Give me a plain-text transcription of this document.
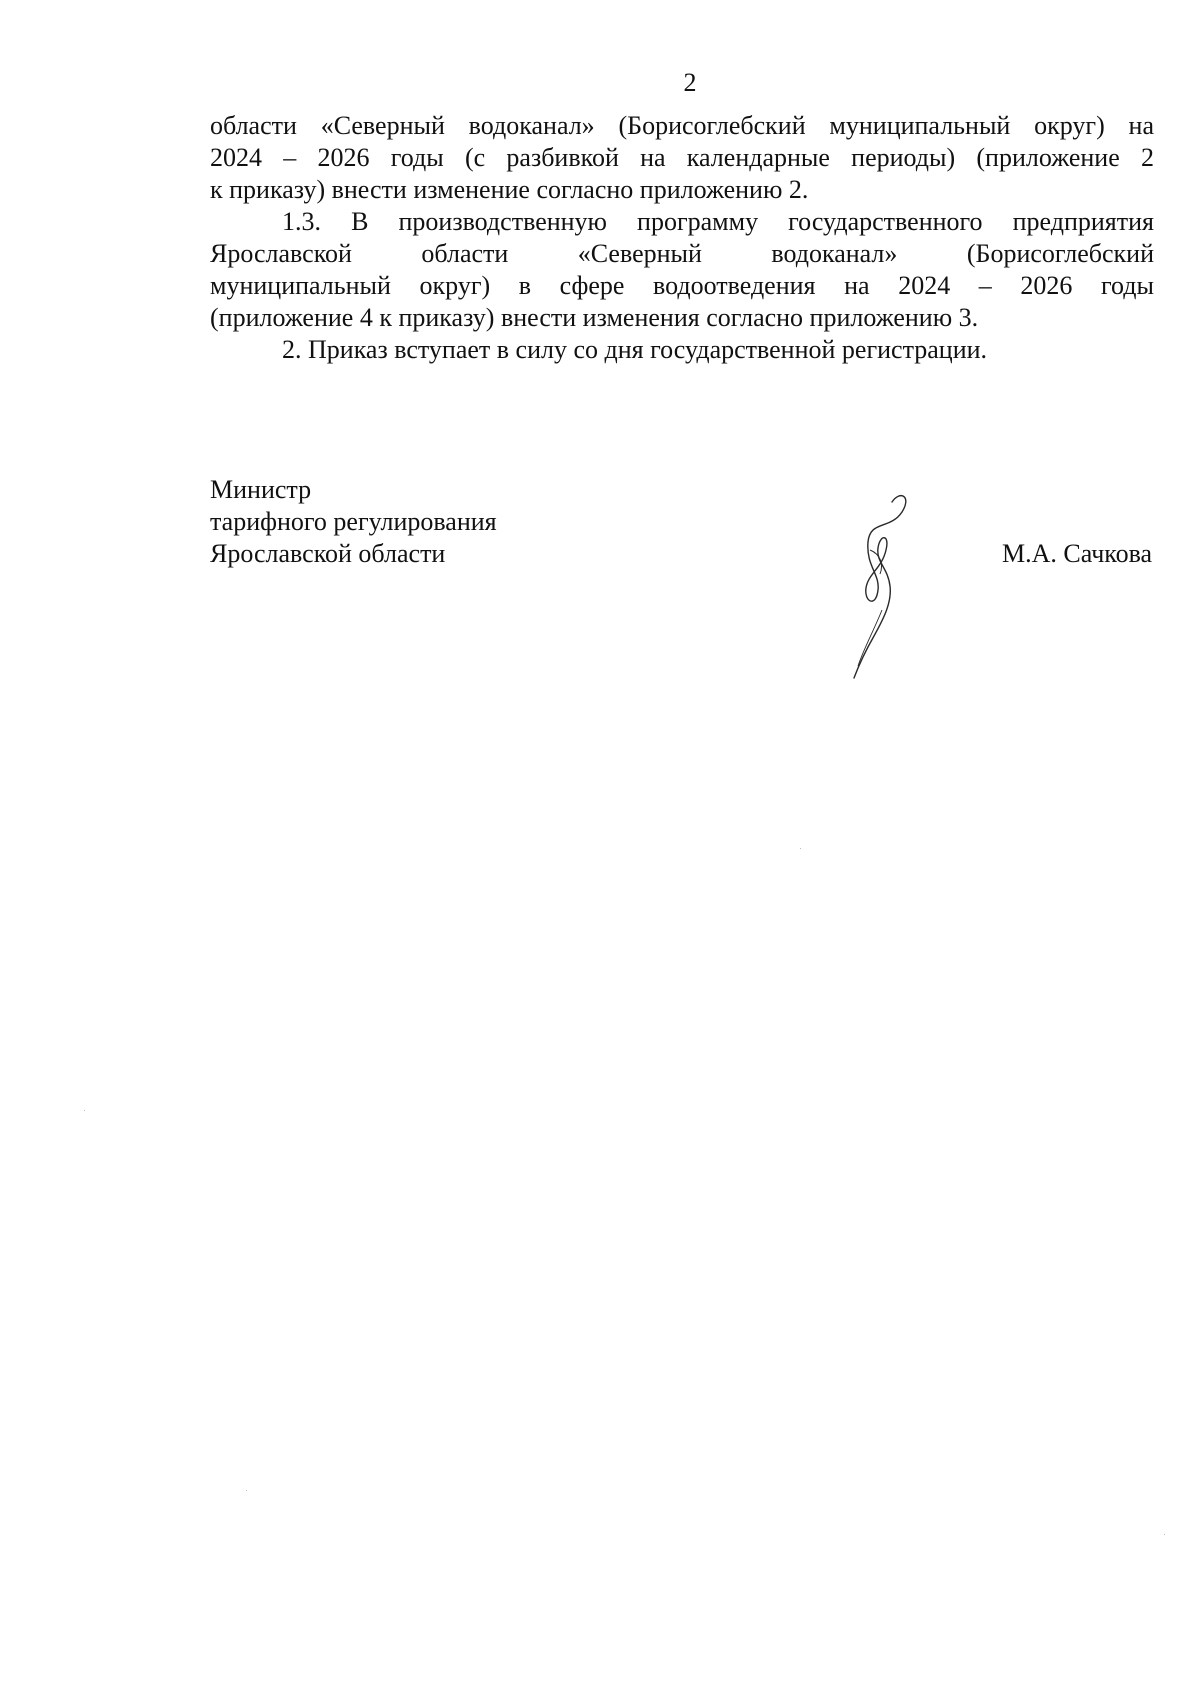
2
области «Северный водоканал» (Борисоглебский муниципальный округ) на
2024 – 2026 годы (с разбивкой на календарные периоды) (приложение 2
к приказу) внести изменение согласно приложению 2.
1.3. В производственную программу государственного предприятия
Ярославской области «Северный водоканал» (Борисоглебский
муниципальный округ) в сфере водоотведения на 2024 – 2026 годы
(приложение 4 к приказу) внести изменения согласно приложению 3.
2. Приказ вступает в силу со дня государственной регистрации.
Министр
тарифного регулирования
Ярославской области	М.А. Сачкова
